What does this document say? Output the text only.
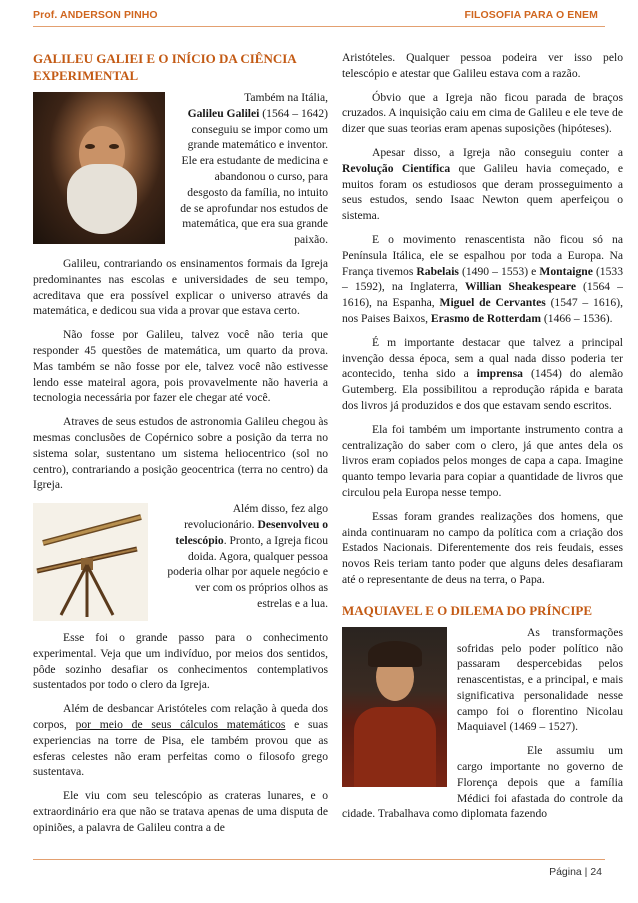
Prof. ANDERSON PINHO	FILOSOFIA PARA O ENEM
GALILEU GALIEI E O INÍCIO DA CIÊNCIA EXPERIMENTAL

Também na Itália, Galileu Galilei (1564 – 1642) conseguiu se impor como um grande matemático e inventor. Ele era estudante de medicina e abandonou o curso, para desgosto da família, no intuito de se aprofundar nos estudos de matemática, que era sua grande paixão.

Galileu, contrariando os ensinamentos formais da Igreja predominantes nas escolas e universidades de seu tempo, acreditava que era possível explicar o universo através da matemática, e dedicou sua vida a provar que estava certo.

Não fosse por Galileu, talvez você não teria que responder 45 questões de matemática, um quarto da prova. Mas também se não fosse por ele, talvez você não estivesse lendo esse mateiral agora, pois provavelmente não haveria a tecnologia necessária por fazer ele chegar até você.

Atraves de seus estudos de astronomia Galileu chegou às mesmas conclusões de Copérnico sobre a posição da terra no sistema solar, sustentano um sistema heliocentrico (sol no centro), contrariando a posição geocentrica (terra no centro) da Igreja.

Além disso, fez algo revolucionário. Desenvolveu o telescópio. Pronto, a Igreja ficou doida. Agora, qualquer pessoa poderia olhar por aquele negócio e ver com os próprios olhos as estrelas e a lua.

Esse foi o grande passo para o conhecimento experimental. Veja que um indivíduo, por meios dos sentidos, pôde sozinho desafiar os conhecimentos contemplativos sustentados por todo o clero da Igreja.

Além de desbancar Aristóteles com relação à queda dos corpos, por meio de seus cálculos matemáticos e suas experiencias na torre de Pisa, ele também provou que as esferas celestes não eram perfeitas como o filosofo grego sustentava.

Ele viu com seu telescópio as crateras lunares, e o extraordinário era que não se tratava apenas de uma disputa de opiniões, a palavra de Galileu contra a de

Aristóteles. Qualquer pessoa podeira ver isso pelo telescópio e atestar que Galileu estava com a razão.

Óbvio que a Igreja não ficou parada de braços cruzados. A inquisição caiu em cima de Galileu e ele teve de dizer que suas teorias eram apenas suposições (hipóteses).

Apesar disso, a Igreja não conseguiu conter a Revolução Científica que Galileu havia começado, e muitos foram os estudiosos que deram prosseguimento a seus estudos, sendo Isaac Newton quem aperfeiçou o sistema.

E o movimento renascentista não ficou só na Península Itálica, ele se espalhou por toda a Europa. Na França tivemos Rabelais (1490 – 1553) e Montaigne (1533 – 1592), na Inglaterra, Willian Sheakespeare (1564 – 1616), na Espanha, Miguel de Cervantes (1547 – 1616), nos Paises Baixos, Erasmo de Rotterdam (1466 – 1536).

É m importante destacar que talvez a principal invenção dessa época, sem a qual nada disso poderia ter acontecido, tenha sido a imprensa (1454) do alemão Gutemberg. Ela possibilitou a reprodução rápida e barata dos livros já produzidos e dos que estavam sendo escritos.

Ela foi também um importante instrumento contra a centralização do saber com o clero, já que antes dela os livros eram copiados pelos monges de capa a capa. Imagine quanto tempo levaria para copiar a quantidade de livros que circulou pela Europa nesse tempo.

Essas foram grandes realizações dos homens, que ainda continuaram no campo da política com a criação dos Estados Nacionais. Diferentemente dos reis feudais, esses novos Reis teriam tanto poder que alguns deles desafiaram até o representante de deus na terra, o Papa.

MAQUIAVEL E O DILEMA DO PRÍNCIPE

As transformações sofridas pelo poder político não passaram despercebidas pelos renascentistas, e a principal, e mais significativa personalidade nesse campo foi o florentino Nicolau Maquiavel (1469 – 1527).

Ele assumiu um cargo importante no governo de Florença depois que a família Médici foi afastada do controle da cidade. Trabalhava como diplomata fazendo

Página | 24
